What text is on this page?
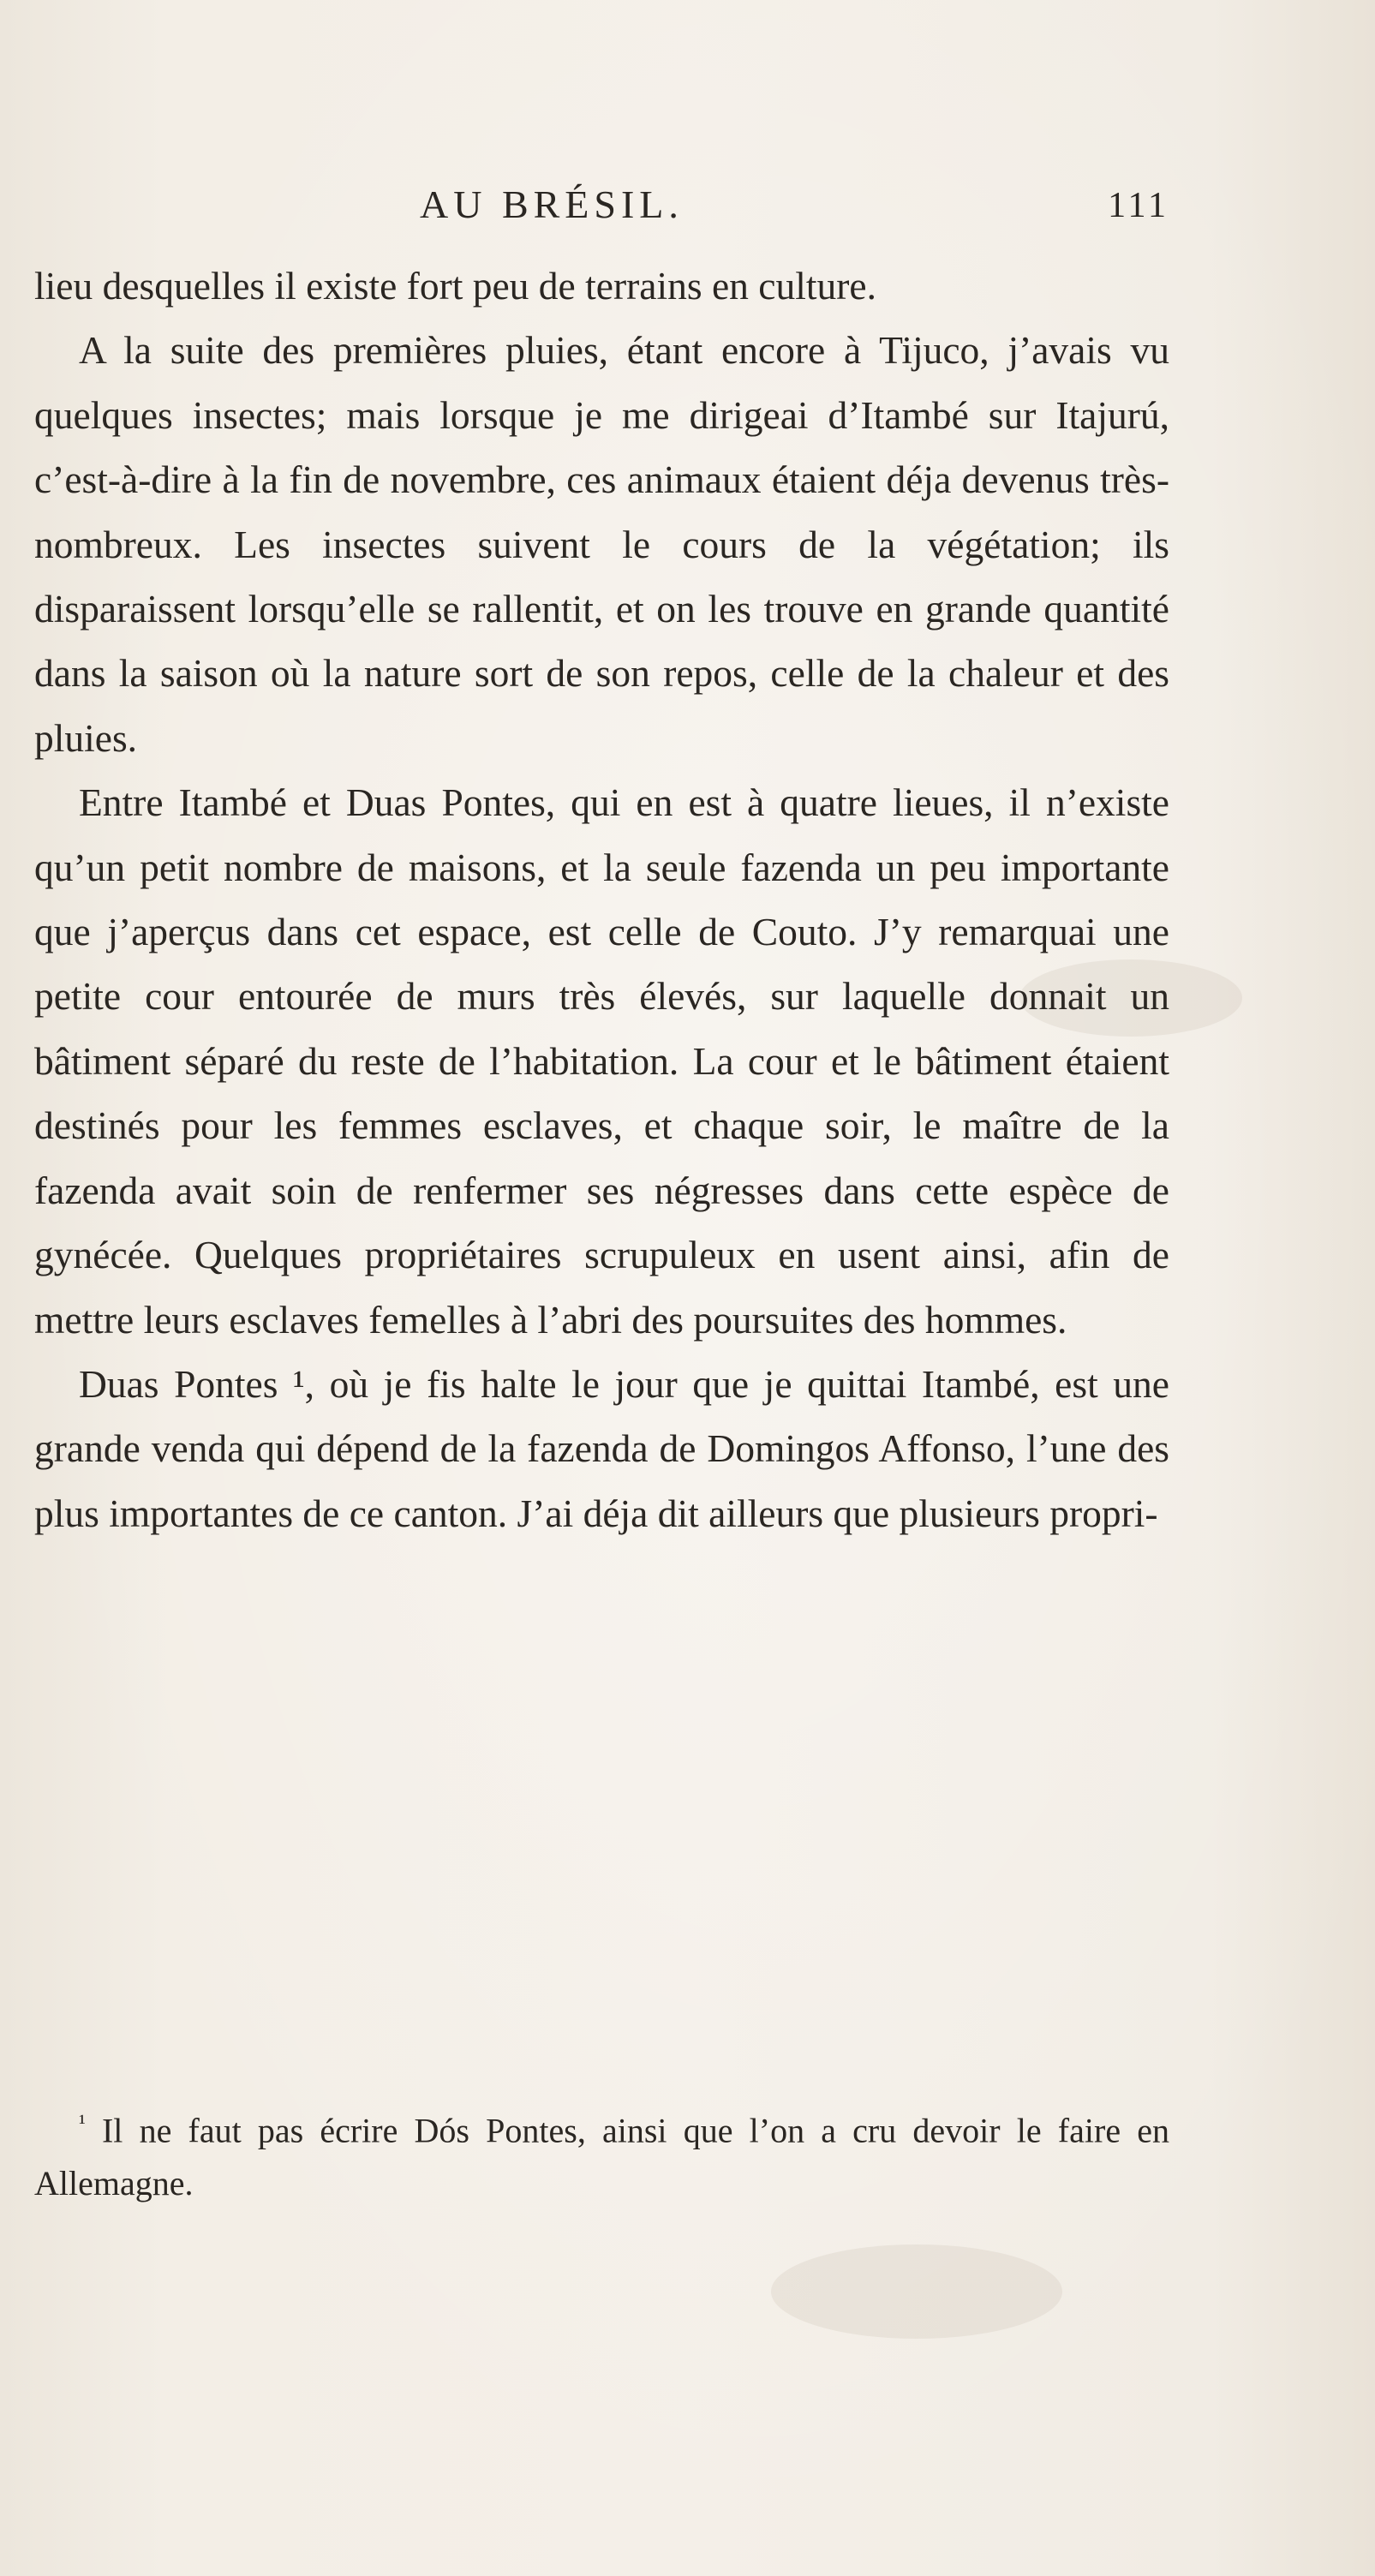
AU BRÉSIL.	111

lieu desquelles il existe fort peu de terrains en culture.

A la suite des premières pluies, étant encore à Tijuco, j’avais vu quelques insectes; mais lorsque je me dirigeai d’Itambé sur Itajurú, c’est-à-dire à la fin de novembre, ces animaux étaient déja devenus très-nombreux. Les insectes suivent le cours de la végétation; ils disparaissent lorsqu’elle se rallentit, et on les trouve en grande quantité dans la saison où la nature sort de son repos, celle de la chaleur et des pluies.

Entre Itambé et Duas Pontes, qui en est à quatre lieues, il n’existe qu’un petit nombre de maisons, et la seule fazenda un peu importante que j’aperçus dans cet espace, est celle de Couto. J’y remarquai une petite cour entourée de murs très élevés, sur laquelle donnait un bâtiment séparé du reste de l’habitation. La cour et le bâtiment étaient destinés pour les femmes esclaves, et chaque soir, le maître de la fazenda avait soin de renfermer ses négresses dans cette espèce de gynécée. Quelques propriétaires scrupuleux en usent ainsi, afin de mettre leurs esclaves femelles à l’abri des poursuites des hommes.

Duas Pontes ¹, où je fis halte le jour que je quittai Itambé, est une grande venda qui dépend de la fazenda de Domingos Affonso, l’une des plus importantes de ce canton. J’ai déja dit ailleurs que plusieurs propri-

$^{^1}$ Il ne faut pas écrire Dós Pontes, ainsi que l’on a cru devoir le faire en Allemagne.
